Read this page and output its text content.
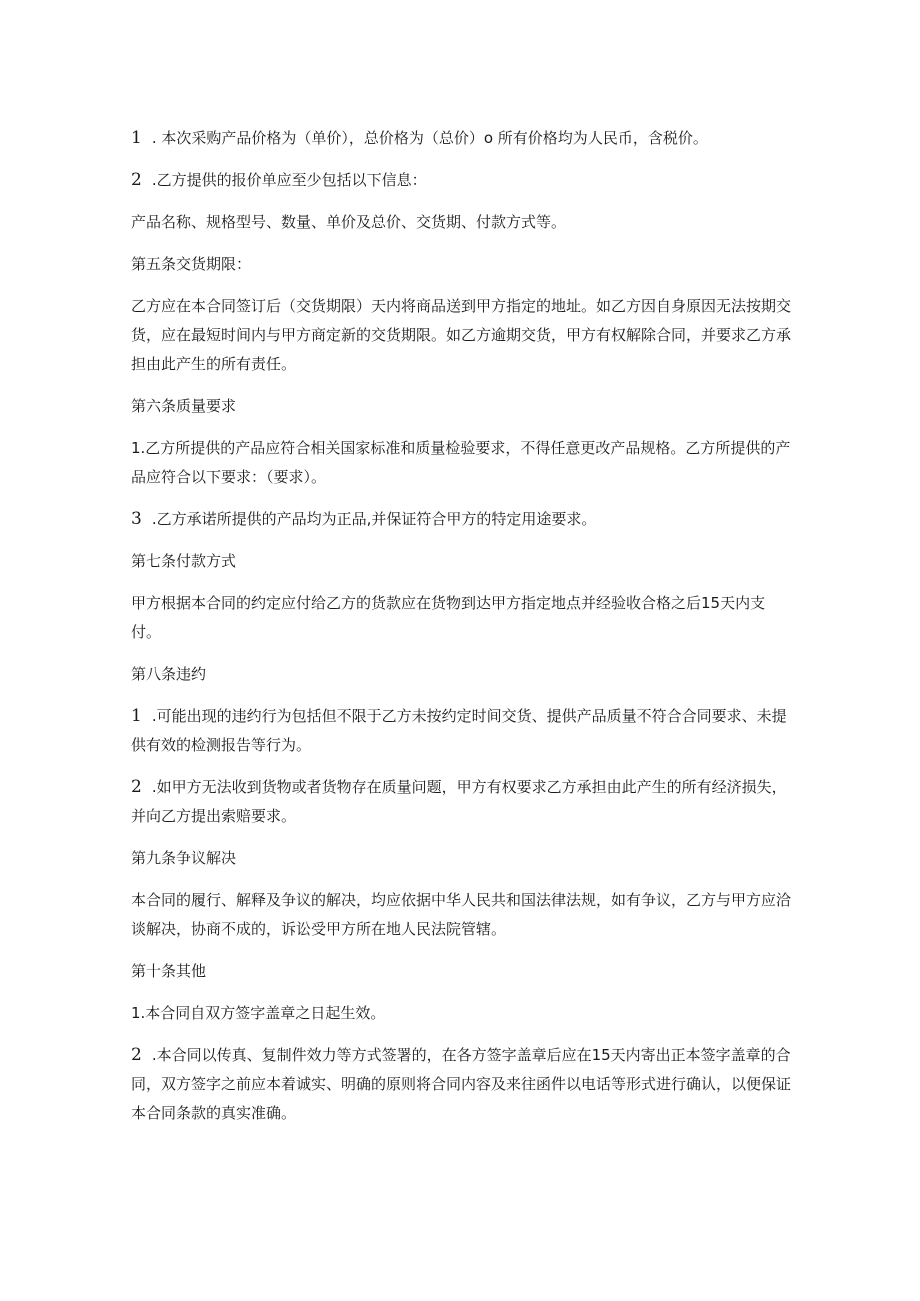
1 . 本次采购产品价格为（单价），总价格为（总价）o 所有价格均为人民币，含税价。

2 .乙方提供的报价单应至少包括以下信息：

产品名称、规格型号、数量、单价及总价、交货期、付款方式等。

第五条交货期限：

乙方应在本合同签订后（交货期限）天内将商品送到甲方指定的地址。如乙方因自身原因无法按期交货，应在最短时间内与甲方商定新的交货期限。如乙方逾期交货，甲方有权解除合同，并要求乙方承担由此产生的所有责任。

第六条质量要求

1.乙方所提供的产品应符合相关国家标准和质量检验要求，不得任意更改产品规格。乙方所提供的产品应符合以下要求：（要求）。

3 .乙方承诺所提供的产品均为正品,并保证符合甲方的特定用途要求。

第七条付款方式

甲方根据本合同的约定应付给乙方的货款应在货物到达甲方指定地点并经验收合格之后15天内支付。

第八条违约

1 .可能出现的违约行为包括但不限于乙方未按约定时间交货、提供产品质量不符合合同要求、未提供有效的检测报告等行为。

2 .如甲方无法收到货物或者货物存在质量问题，甲方有权要求乙方承担由此产生的所有经济损失，并向乙方提出索赔要求。

第九条争议解决

本合同的履行、解释及争议的解决，均应依据中华人民共和国法律法规，如有争议，乙方与甲方应洽谈解决，协商不成的，诉讼受甲方所在地人民法院管辖。

第十条其他

1.本合同自双方签字盖章之日起生效。

2 .本合同以传真、复制件效力等方式签署的，在各方签字盖章后应在15天内寄出正本签字盖章的合同，双方签字之前应本着诚实、明确的原则将合同内容及来往函件以电话等形式进行确认，以便保证本合同条款的真实准确。
